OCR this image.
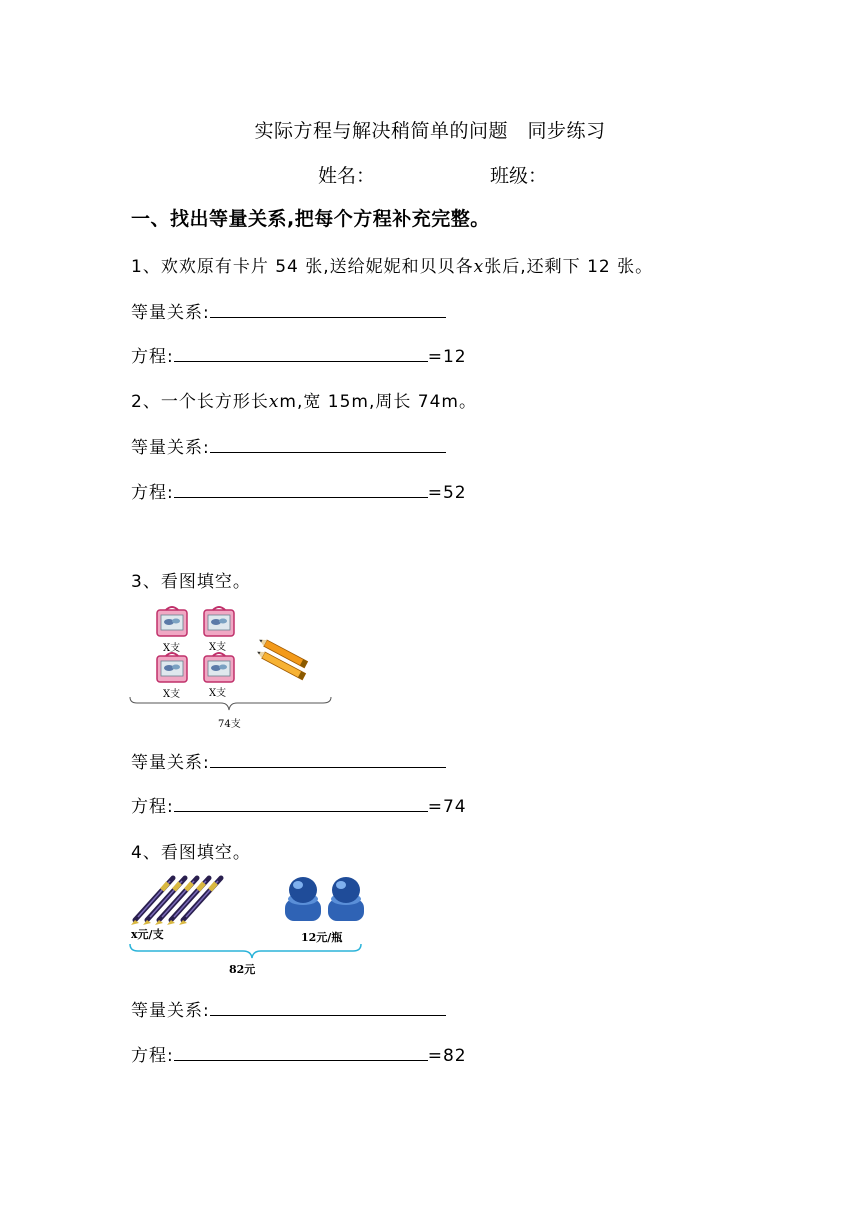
实际方程与解决稍简单的问题　同步练习
姓名：	班级：
一、找出等量关系,把每个方程补充完整。
1、欢欢原有卡片 54 张,送给妮妮和贝贝各x张后,还剩下 12 张。
等量关系:
方程:	=12
2、一个长方形长xm,宽 15m,周长 74m。
等量关系:
方程:	=52
3、看图填空。
X支	X支
X支	X支
74支
等量关系:
方程:	=74
4、看图填空。
x元/支	12元/瓶
82元
等量关系:
方程:	=82
